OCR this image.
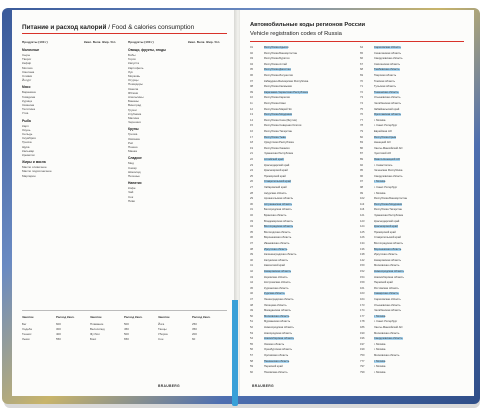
Питание и расход калорий / Food & calories consumption
Продукты (100 г)	Ккал. Белк. Жир. Угл.	Продукты (100 г)	Ккал. Белк. Жир. Угл.
Молочные
Сыры
Творог
Кефир
Молоко
Сметана
Сливки
Йогурт
Мясо
Баранина
Говядина
Курица
Свинина
Телятина
Утка
Рыба
Карп
Окунь
Сельдь
Скумбрия
Треска
Щука
Кальмар
Креветки
Жиры и масла
Масло сливочное
Масло подсолнечное
Маргарин
Овощи, фрукты, ягоды
Бобы
Горох
Капуста
Картофель
Лук
Морковь
Огурцы
Помидоры
Свекла
Яблоки
Апельсины
Бананы
Виноград
Груши
Клубника
Малина
Черешня
Крупы
Гречка
Овсянка
Рис
Пшено
Манка
Сладкое
Мед
Сахар
Шоколад
Печенье
Напитки
Кофе
Чай
Сок
Пиво
Занятие	Расход Ккал.	Занятие	Расход Ккал.	Занятие	Расход Ккал.
Бег	600	Плавание	500	Йога	250
Ходьба	300	Велосипед	450	Танцы	350
Теннис	400	Футбол	500	Уборка	200
Лыжи	550	Бокс	650	Сон	60
BRAUBERG
Автомобильные коды регионов России
Vehicle registration codes of Russia
01	Республика Адыгея
02	Республика Башкортостан
03	Республика Бурятия
04	Республика Алтай
05	Республика Дагестан
06	Республика Ингушетия
07	Кабардино-Балкарская Республика
08	Республика Калмыкия
09	Карачаево-Черкесская Республика
10	Республика Карелия
11	Республика Коми
12	Республика Марий Эл
13	Республика Мордовия
14	Республика Саха (Якутия)
15	Республика Северная Осетия
16	Республика Татарстан
17	Республика Тыва
18	Удмуртская Республика
19	Республика Хакасия
21	Чувашская Республика
22	Алтайский край
23	Краснодарский край
24	Красноярский край
25	Приморский край
26	Ставропольский край
27	Хабаровский край
28	Амурская область
29	Архангельская область
30	Астраханская область
31	Белгородская область
32	Брянская область
33	Владимирская область
34	Волгоградская область
35	Вологодская область
36	Воронежская область
37	Ивановская область
38	Иркутская область
39	Калининградская область
40	Калужская область
41	Камчатский край
42	Кемеровская область
43	Кировская область
44	Костромская область
45	Курганская область
46	Курская область
47	Ленинградская область
48	Липецкая область
49	Магаданская область
50	Московская область
51	Мурманская область
52	Нижегородская область
53	Новгородская область
54	Новосибирская область
55	Омская область
56	Оренбургская область
57	Орловская область
58	Пензенская область
59	Пермский край
60	Псковская область
64	Саратовская область
65	Сахалинская область
66	Свердловская область
67	Смоленская область
68	Тамбовская область
69	Тверская область
70	Томская область
71	Тульская область
72	Тюменская область
73	Ульяновская область
74	Челябинская область
75	Забайкальский край
76	Ярославская область
77	г. Москва
78	г. Санкт-Петербург
79	Еврейская АО
82	Республика Крым
83	Ненецкий АО
86	Ханты-Мансийский АО
87	Чукотский АО
89	Ямало-Ненецкий АО
92	г. Севастополь
95	Чеченская Республика
96	Свердловская область
97	г. Москва
98	г. Санкт-Петербург
99	г. Москва
102	Республика Башкортостан
113	Республика Мордовия
116	Республика Татарстан
121	Чувашская Республика
123	Краснодарский край
124	Красноярский край
125	Приморский край
126	Ставропольский край
134	Волгоградская область
136	Воронежская область
138	Иркутская область
142	Кемеровская область
150	Московская область
152	Нижегородская область
154	Новосибирская область
159	Пермский край
161	Ростовская область
163	Самарская область
164	Саратовская область
173	Ульяновская область
174	Челябинская область
177	г. Москва
178	г. Санкт-Петербург
186	Ханты-Мансийский АО
190	Московская область
196	Свердловская область
197	г. Москва
199	г. Москва
750	Московская область
777	г. Москва
797	г. Москва
799	г. Москва
BRAUBERG
